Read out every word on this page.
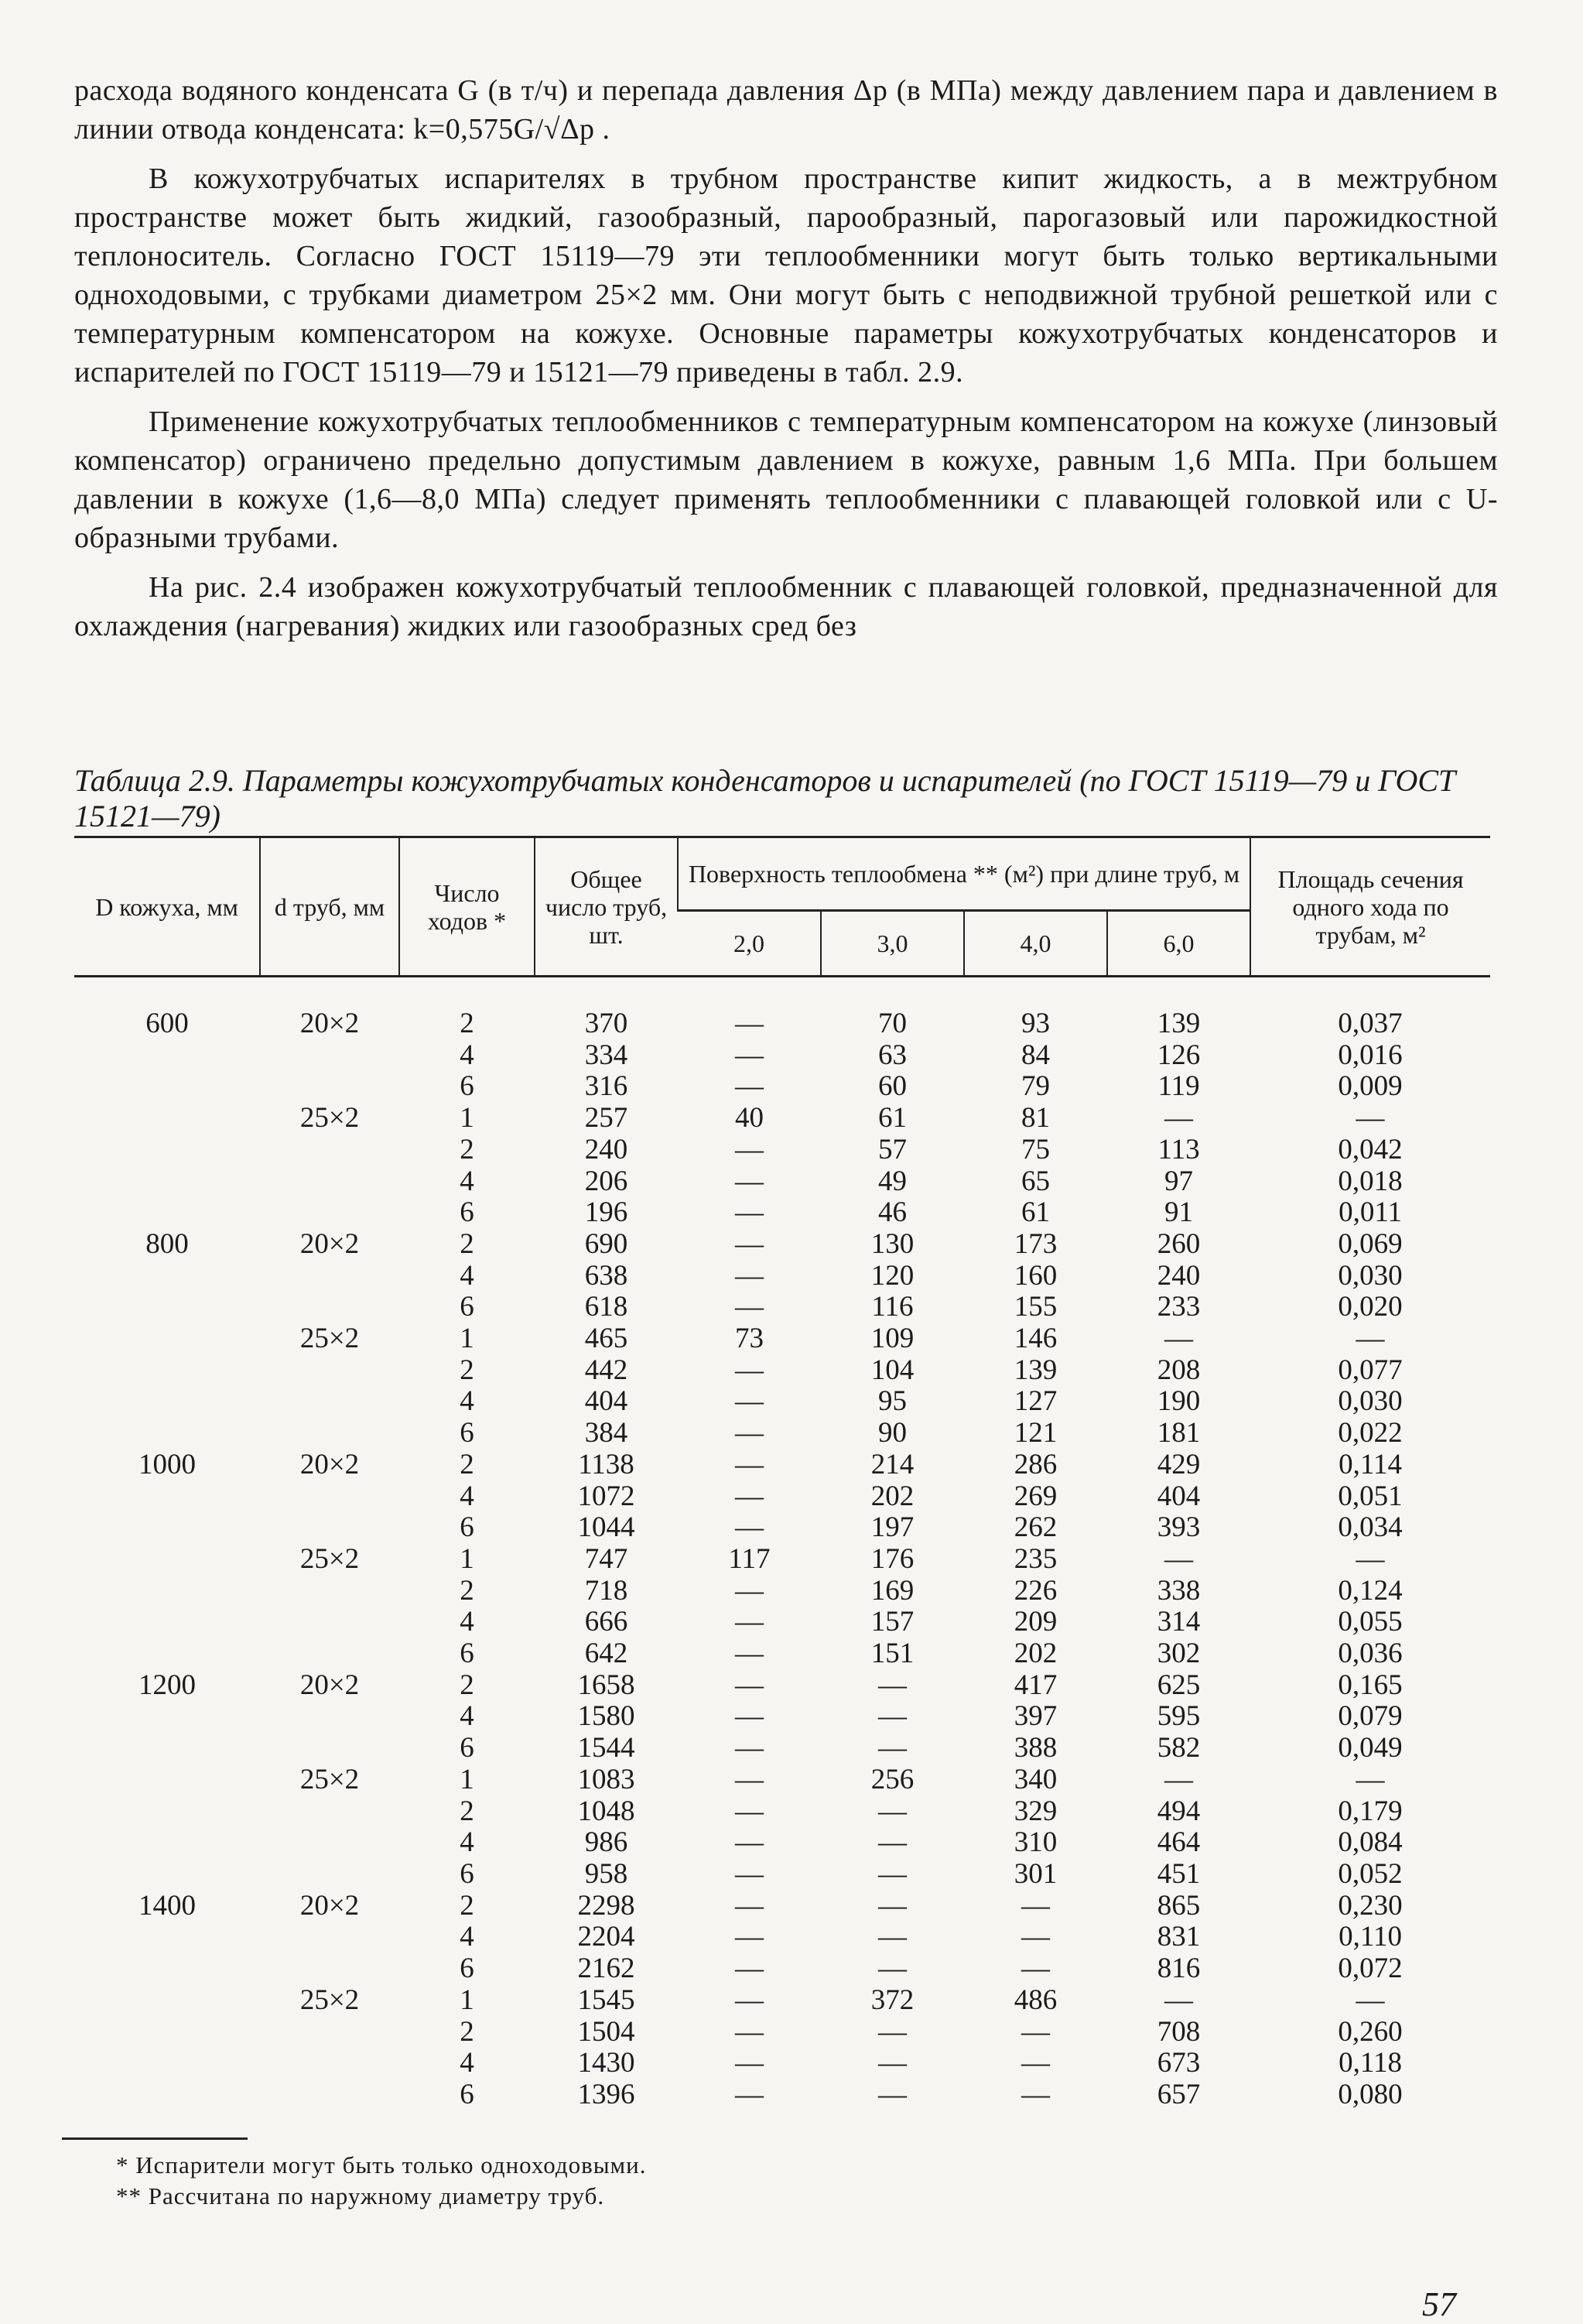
расхода водяного конденсата G (в т/ч) и перепада давления Δp (в МПа) между давлением пара и давлением в линии отвода конденсата: k=0,575G/√Δp .

В кожухотрубчатых испарителях в трубном пространстве кипит жидкость, а в межтрубном пространстве может быть жидкий, газообразный, парообразный, парогазовый или парожидкостной теплоноситель. Согласно ГОСТ 15119—79 эти теплообменники могут быть только вертикальными одноходовыми, с трубками диаметром 25×2 мм. Они могут быть с неподвижной трубной решеткой или с температурным компенсатором на кожухе. Основные параметры кожухотрубчатых конденсаторов и испарителей по ГОСТ 15119—79 и 15121—79 приведены в табл. 2.9.

Применение кожухотрубчатых теплообменников с температурным компенсатором на кожухе (линзовый компенсатор) ограничено предельно допустимым давлением в кожухе, равным 1,6 МПа. При большем давлении в кожухе (1,6—8,0 МПа) следует применять теплообменники с плавающей головкой или с U-образными трубами.

На рис. 2.4 изображен кожухотрубчатый теплообменник с плавающей головкой, предназначенной для охлаждения (нагревания) жидких или газообразных сред без

Таблица 2.9. Параметры кожухотрубчатых конденсаторов и испарителей (по ГОСТ 15119—79 и ГОСТ 15121—79)
D кожуха, мм	d труб, мм	Число ходов *	Общее число труб, шт.	Поверхность теплообмена ** (м²) при длине труб, м				Площадь сечения одного хода по трубам, м²
				2,0	3,0	4,0	6,0	
600	20×2	2	370	—	70	93	139	0,037
		4	334	—	63	84	126	0,016
		6	316	—	60	79	119	0,009
	25×2	1	257	40	61	81	—	—
		2	240	—	57	75	113	0,042
		4	206	—	49	65	97	0,018
		6	196	—	46	61	91	0,011
800	20×2	2	690	—	130	173	260	0,069
		4	638	—	120	160	240	0,030
		6	618	—	116	155	233	0,020
	25×2	1	465	73	109	146	—	—
		2	442	—	104	139	208	0,077
		4	404	—	95	127	190	0,030
		6	384	—	90	121	181	0,022
1000	20×2	2	1138	—	214	286	429	0,114
		4	1072	—	202	269	404	0,051
		6	1044	—	197	262	393	0,034
	25×2	1	747	117	176	235	—	—
		2	718	—	169	226	338	0,124
		4	666	—	157	209	314	0,055
		6	642	—	151	202	302	0,036
1200	20×2	2	1658	—	—	417	625	0,165
		4	1580	—	—	397	595	0,079
		6	1544	—	—	388	582	0,049
	25×2	1	1083	—	256	340	—	—
		2	1048	—	—	329	494	0,179
		4	986	—	—	310	464	0,084
		6	958	—	—	301	451	0,052
1400	20×2	2	2298	—	—	—	865	0,230
		4	2204	—	—	—	831	0,110
		6	2162	—	—	—	816	0,072
	25×2	1	1545	—	372	486	—	—
		2	1504	—	—	—	708	0,260
		4	1430	—	—	—	673	0,118
		6	1396	—	—	—	657	0,080
* Испарители могут быть только одноходовыми.
** Рассчитана по наружному диаметру труб.
57
